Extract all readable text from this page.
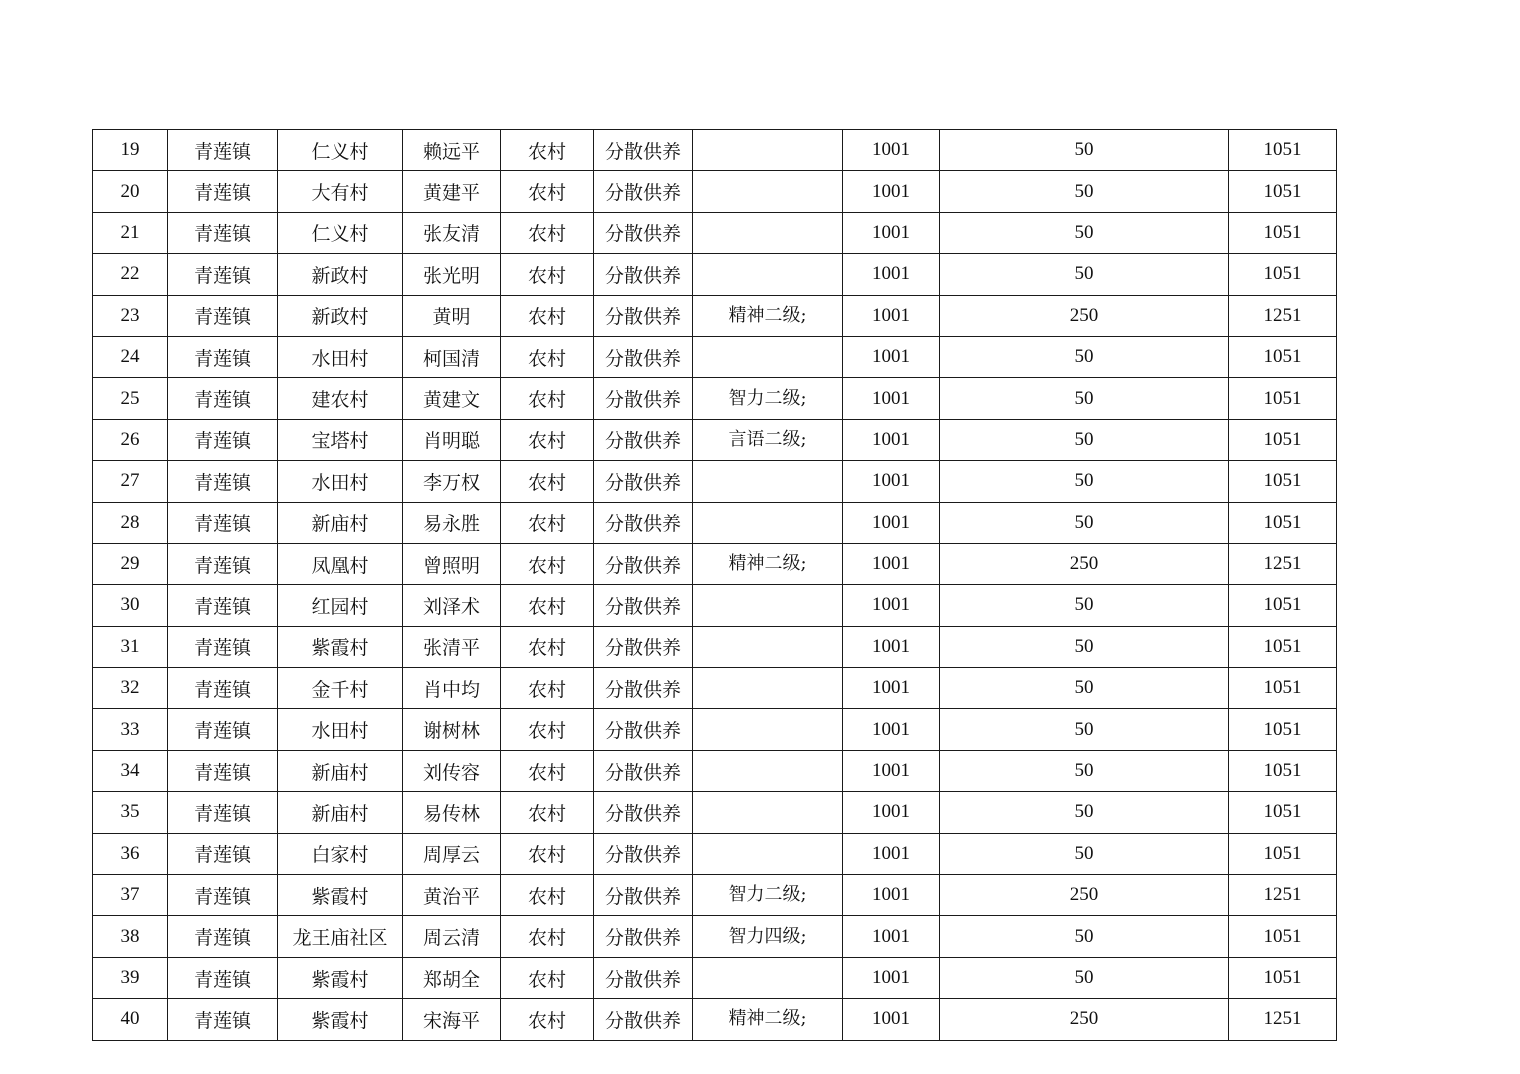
19	青莲镇	仁义村	赖远平	农村	分散供养		1001	50	1051
20	青莲镇	大有村	黄建平	农村	分散供养		1001	50	1051
21	青莲镇	仁义村	张友清	农村	分散供养		1001	50	1051
22	青莲镇	新政村	张光明	农村	分散供养		1001	50	1051
23	青莲镇	新政村	黄明	农村	分散供养	精神二级;	1001	250	1251
24	青莲镇	水田村	柯国清	农村	分散供养		1001	50	1051
25	青莲镇	建农村	黄建文	农村	分散供养	智力二级;	1001	50	1051
26	青莲镇	宝塔村	肖明聪	农村	分散供养	言语二级;	1001	50	1051
27	青莲镇	水田村	李万权	农村	分散供养		1001	50	1051
28	青莲镇	新庙村	易永胜	农村	分散供养		1001	50	1051
29	青莲镇	凤凰村	曾照明	农村	分散供养	精神二级;	1001	250	1251
30	青莲镇	红园村	刘泽术	农村	分散供养		1001	50	1051
31	青莲镇	紫霞村	张清平	农村	分散供养		1001	50	1051
32	青莲镇	金千村	肖中均	农村	分散供养		1001	50	1051
33	青莲镇	水田村	谢树林	农村	分散供养		1001	50	1051
34	青莲镇	新庙村	刘传容	农村	分散供养		1001	50	1051
35	青莲镇	新庙村	易传林	农村	分散供养		1001	50	1051
36	青莲镇	白家村	周厚云	农村	分散供养		1001	50	1051
37	青莲镇	紫霞村	黄治平	农村	分散供养	智力二级;	1001	250	1251
38	青莲镇	龙王庙社区	周云清	农村	分散供养	智力四级;	1001	50	1051
39	青莲镇	紫霞村	郑胡全	农村	分散供养		1001	50	1051
40	青莲镇	紫霞村	宋海平	农村	分散供养	精神二级;	1001	250	1251
